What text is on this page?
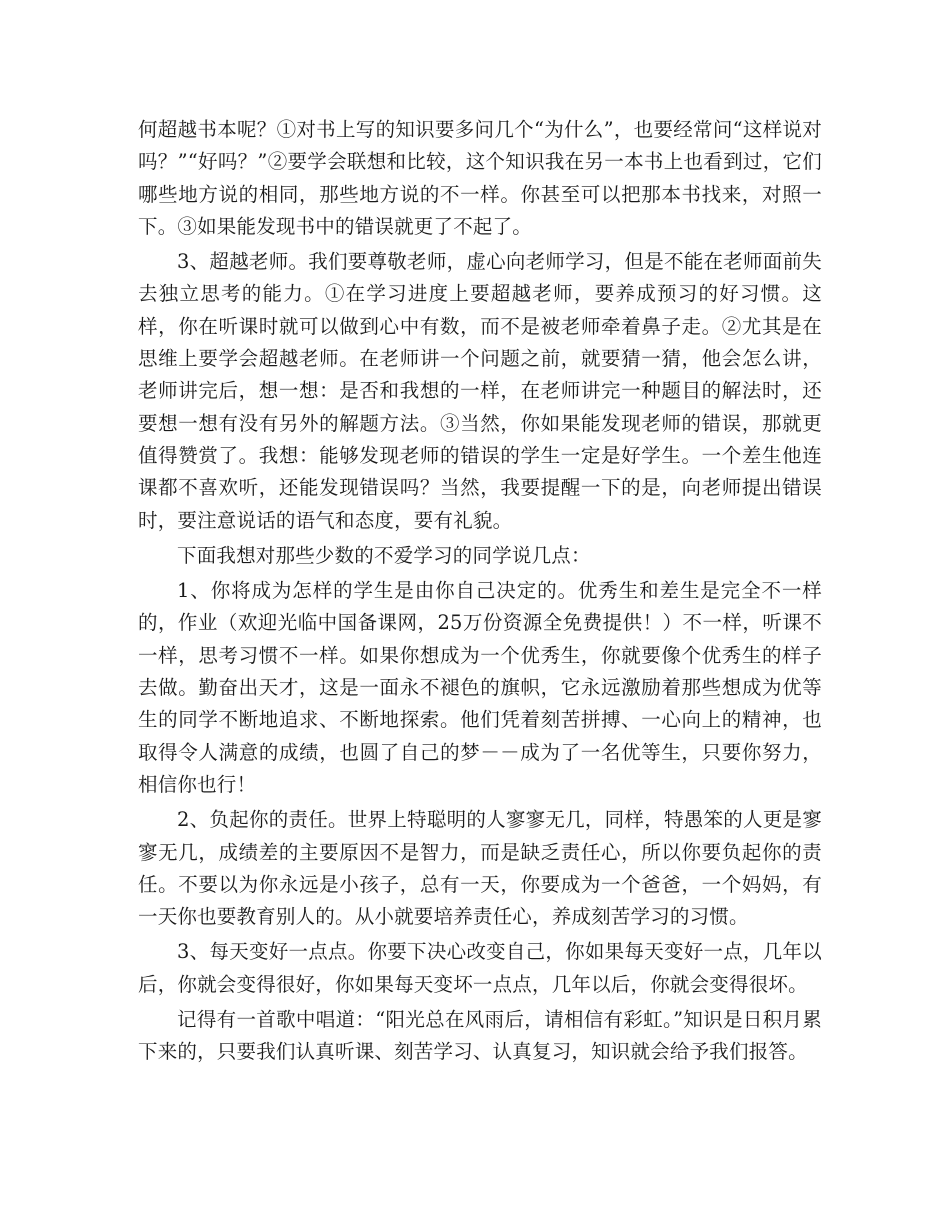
何超越书本呢？①对书上写的知识要多问几个“为什么”，也要经常问“这样说对吗？”“好吗？”②要学会联想和比较，这个知识我在另一本书上也看到过，它们哪些地方说的相同，那些地方说的不一样。你甚至可以把那本书找来，对照一下。③如果能发现书中的错误就更了不起了。

3、超越老师。我们要尊敬老师，虚心向老师学习，但是不能在老师面前失去独立思考的能力。①在学习进度上要超越老师，要养成预习的好习惯。这样，你在听课时就可以做到心中有数，而不是被老师牵着鼻子走。②尤其是在思维上要学会超越老师。在老师讲一个问题之前，就要猜一猜，他会怎么讲，老师讲完后，想一想：是否和我想的一样，在老师讲完一种题目的解法时，还要想一想有没有另外的解题方法。③当然，你如果能发现老师的错误，那就更值得赞赏了。我想：能够发现老师的错误的学生一定是好学生。一个差生他连课都不喜欢听，还能发现错误吗？当然，我要提醒一下的是，向老师提出错误时，要注意说话的语气和态度，要有礼貌。

下面我想对那些少数的不爱学习的同学说几点：

1、你将成为怎样的学生是由你自己决定的。优秀生和差生是完全不一样的，作业（欢迎光临中国备课网，25万份资源全免费提供！）不一样，听课不一样，思考习惯不一样。如果你想成为一个优秀生，你就要像个优秀生的样子去做。勤奋出天才，这是一面永不褪色的旗帜，它永远激励着那些想成为优等生的同学不断地追求、不断地探索。他们凭着刻苦拼搏、一心向上的精神，也取得令人满意的成绩，也圆了自己的梦－－成为了一名优等生，只要你努力，相信你也行！

2、负起你的责任。世界上特聪明的人寥寥无几，同样，特愚笨的人更是寥寥无几，成绩差的主要原因不是智力，而是缺乏责任心，所以你要负起你的责任。不要以为你永远是小孩子，总有一天，你要成为一个爸爸，一个妈妈，有一天你也要教育别人的。从小就要培养责任心，养成刻苦学习的习惯。

3、每天变好一点点。你要下决心改变自己，你如果每天变好一点，几年以后，你就会变得很好，你如果每天变坏一点点，几年以后，你就会变得很坏。

记得有一首歌中唱道：“阳光总在风雨后，请相信有彩虹。”知识是日积月累下来的，只要我们认真听课、刻苦学习、认真复习，知识就会给予我们报答。
